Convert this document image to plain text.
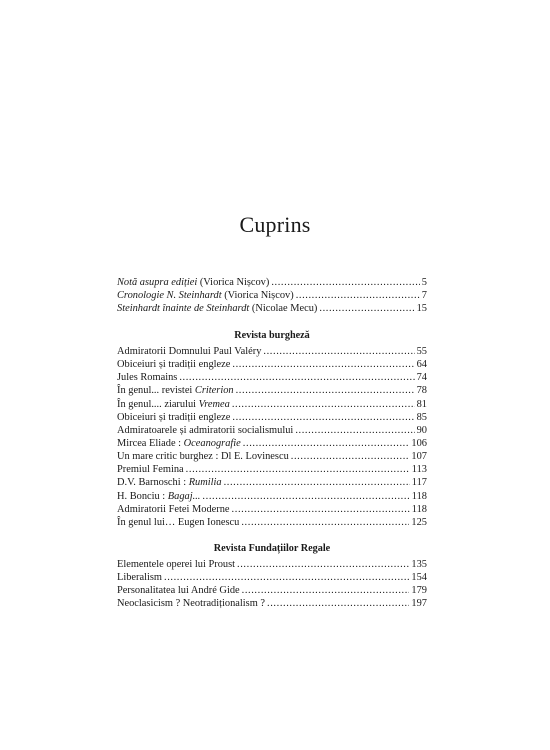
Cuprins
Notă asupra ediției (Viorica Nișcov) .....	5
Cronologie N. Steinhardt (Viorica Nișcov) .....	7
Steinhardt înainte de Steinhardt (Nicolae Mecu) .....	15
Revista burgheză
Admiratorii Domnului Paul Valéry .....	55
Obiceiuri și tradiții engleze .....	64
Jules Romains .....	74
În genul... revistei Criterion .....	78
În genul.... ziarului Vremea .....	81
Obiceiuri și tradiții engleze .....	85
Admiratoarele și admiratorii socialismului .....	90
Mircea Eliade : Oceanografie .....	106
Un mare critic burghez : Dl E. Lovinescu .....	107
Premiul Femina .....	113
D.V. Barnoschi : Rumilia .....	117
H. Bonciu : Bagaj... .....	118
Admiratorii Fetei Moderne .....	118
În genul lui… Eugen Ionescu .....	125
Revista Fundațiilor Regale
Elementele operei lui Proust .....	135
Liberalism .....	154
Personalitatea lui André Gide .....	179
Neoclasicism ? Neotradiționalism ? .....	197
